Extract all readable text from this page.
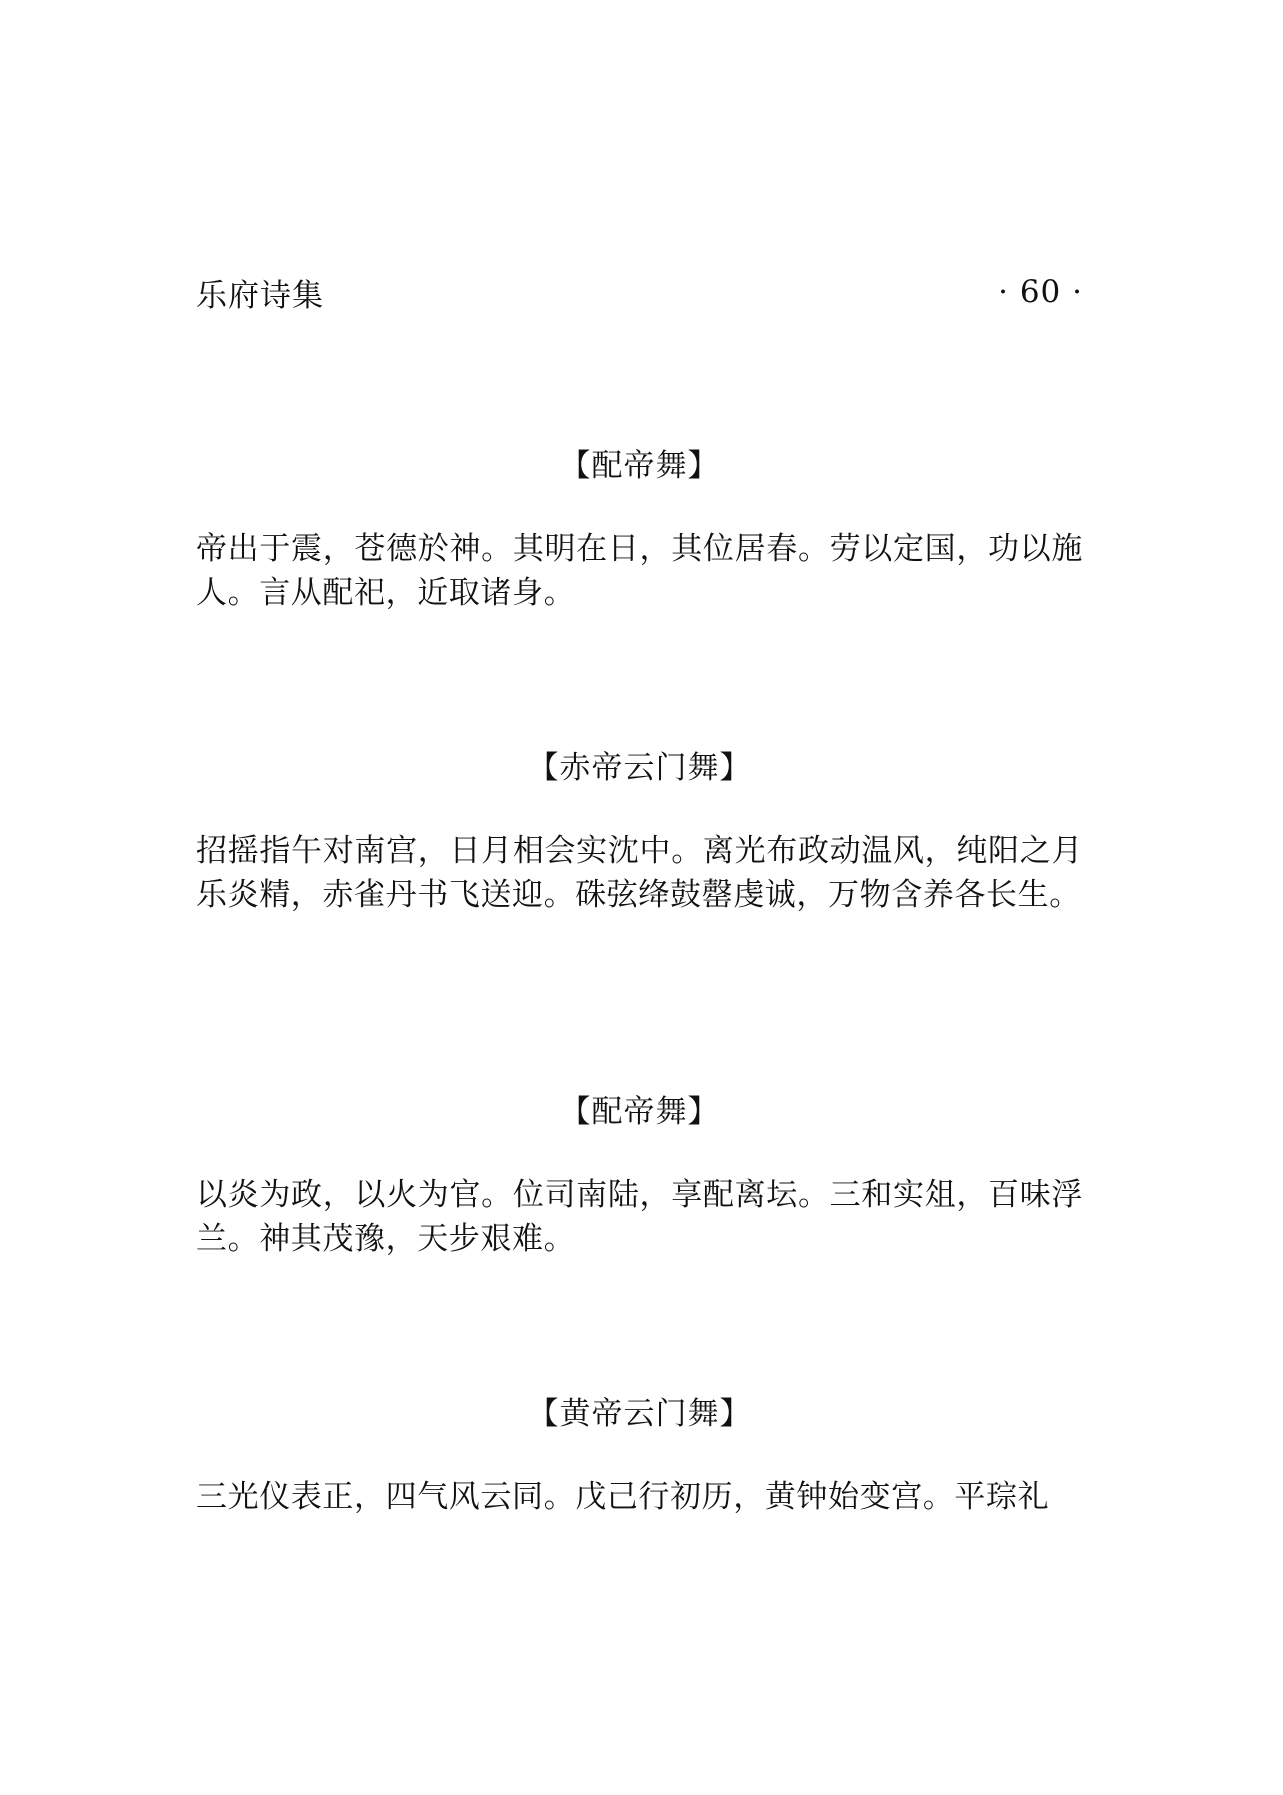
乐府诗集	· 60 ·
【配帝舞】
帝出于震，苍德於神。其明在日，其位居春。劳以定国，功以施人。言从配祀，近取诸身。
【赤帝云门舞】
招摇指午对南宫，日月相会实沈中。离光布政动温风，纯阳之月乐炎精，赤雀丹书飞送迎。硃弦绛鼓罄虔诚，万物含养各长生。
【配帝舞】
以炎为政，以火为官。位司南陆，享配离坛。三和实俎，百味浮兰。神其茂豫，天步艰难。
【黄帝云门舞】
三光仪表正，四气风云同。戊己行初历，黄钟始变宫。平琮礼
